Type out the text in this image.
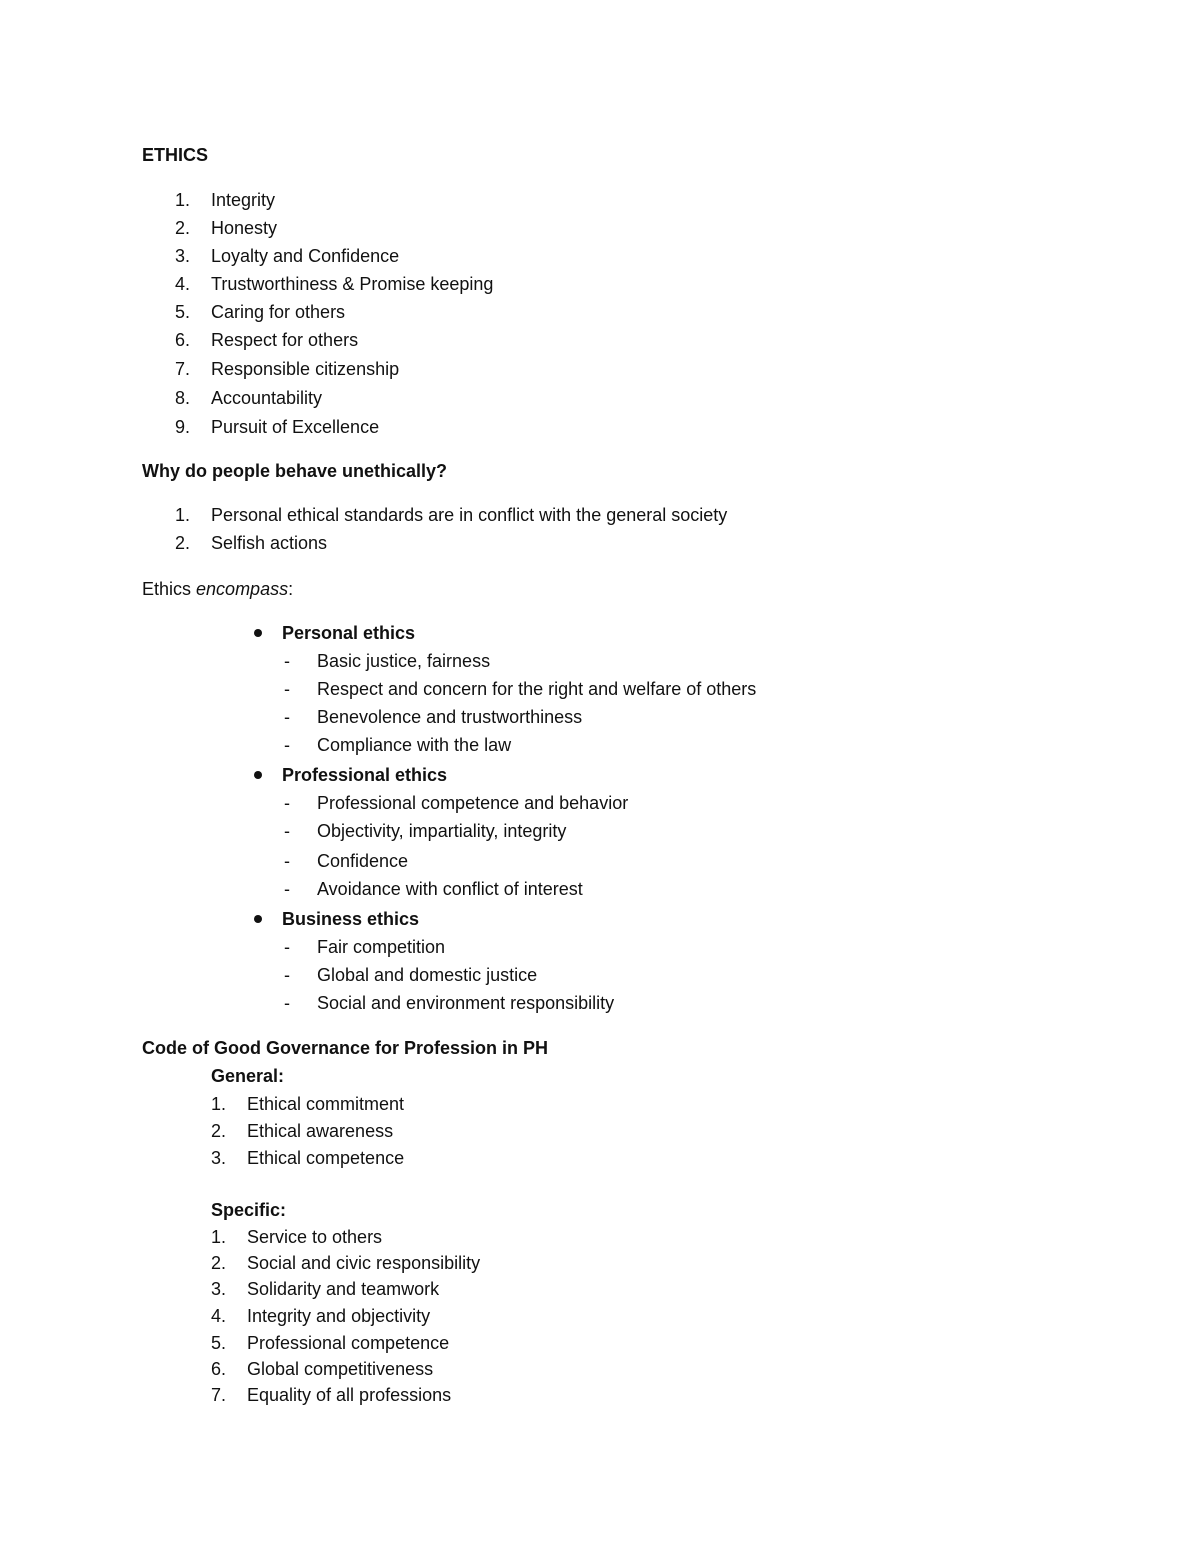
ETHICS
1. Integrity
2. Honesty
3. Loyalty and Confidence
4. Trustworthiness & Promise keeping
5. Caring for others
6. Respect for others
7. Responsible citizenship
8. Accountability
9. Pursuit of Excellence
Why do people behave unethically?
1. Personal ethical standards are in conflict with the general society
2. Selfish actions
Ethics encompass:
Personal ethics
- Basic justice, fairness
- Respect and concern for the right and welfare of others
- Benevolence and trustworthiness
- Compliance with the law
Professional ethics
- Professional competence and behavior
- Objectivity, impartiality, integrity
- Confidence
- Avoidance with conflict of interest
Business ethics
- Fair competition
- Global and domestic justice
- Social and environment responsibility
Code of Good Governance for Profession in PH
General:
1. Ethical commitment
2. Ethical awareness
3. Ethical competence
Specific:
1. Service to others
2. Social and civic responsibility
3. Solidarity and teamwork
4. Integrity and objectivity
5. Professional competence
6. Global competitiveness
7. Equality of all professions
